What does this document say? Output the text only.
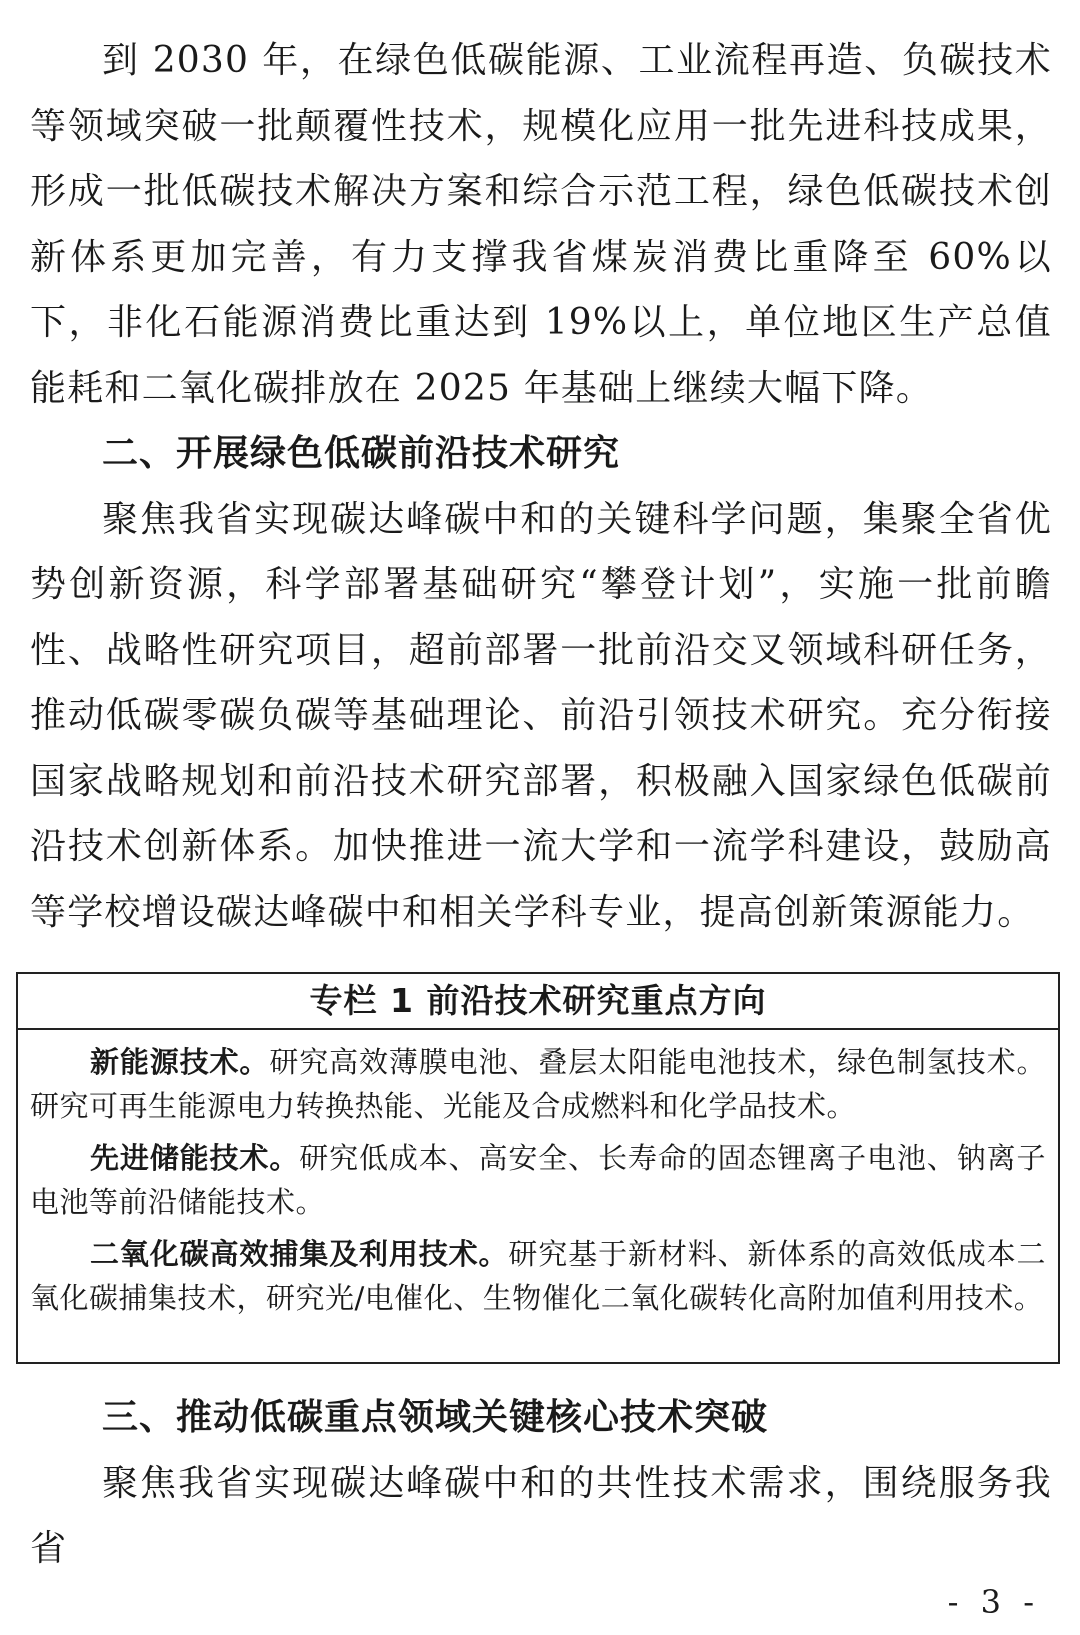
到 2030 年，在绿色低碳能源、工业流程再造、负碳技术等领域突破一批颠覆性技术，规模化应用一批先进科技成果，形成一批低碳技术解决方案和综合示范工程，绿色低碳技术创新体系更加完善，有力支撑我省煤炭消费比重降至 60%以下，非化石能源消费比重达到 19%以上，单位地区生产总值能耗和二氧化碳排放在 2025 年基础上继续大幅下降。

二、开展绿色低碳前沿技术研究

聚焦我省实现碳达峰碳中和的关键科学问题，集聚全省优势创新资源，科学部署基础研究“攀登计划”，实施一批前瞻性、战略性研究项目，超前部署一批前沿交叉领域科研任务，推动低碳零碳负碳等基础理论、前沿引领技术研究。充分衔接国家战略规划和前沿技术研究部署，积极融入国家绿色低碳前沿技术创新体系。加快推进一流大学和一流学科建设，鼓励高等学校增设碳达峰碳中和相关学科专业，提高创新策源能力。

专栏 1 前沿技术研究重点方向

新能源技术。研究高效薄膜电池、叠层太阳能电池技术，绿色制氢技术。研究可再生能源电力转换热能、光能及合成燃料和化学品技术。

先进储能技术。研究低成本、高安全、长寿命的固态锂离子电池、钠离子电池等前沿储能技术。

二氧化碳高效捕集及利用技术。研究基于新材料、新体系的高效低成本二氧化碳捕集技术，研究光/电催化、生物催化二氧化碳转化高附加值利用技术。

三、推动低碳重点领域关键核心技术突破

聚焦我省实现碳达峰碳中和的共性技术需求，围绕服务我省

- 3 -
